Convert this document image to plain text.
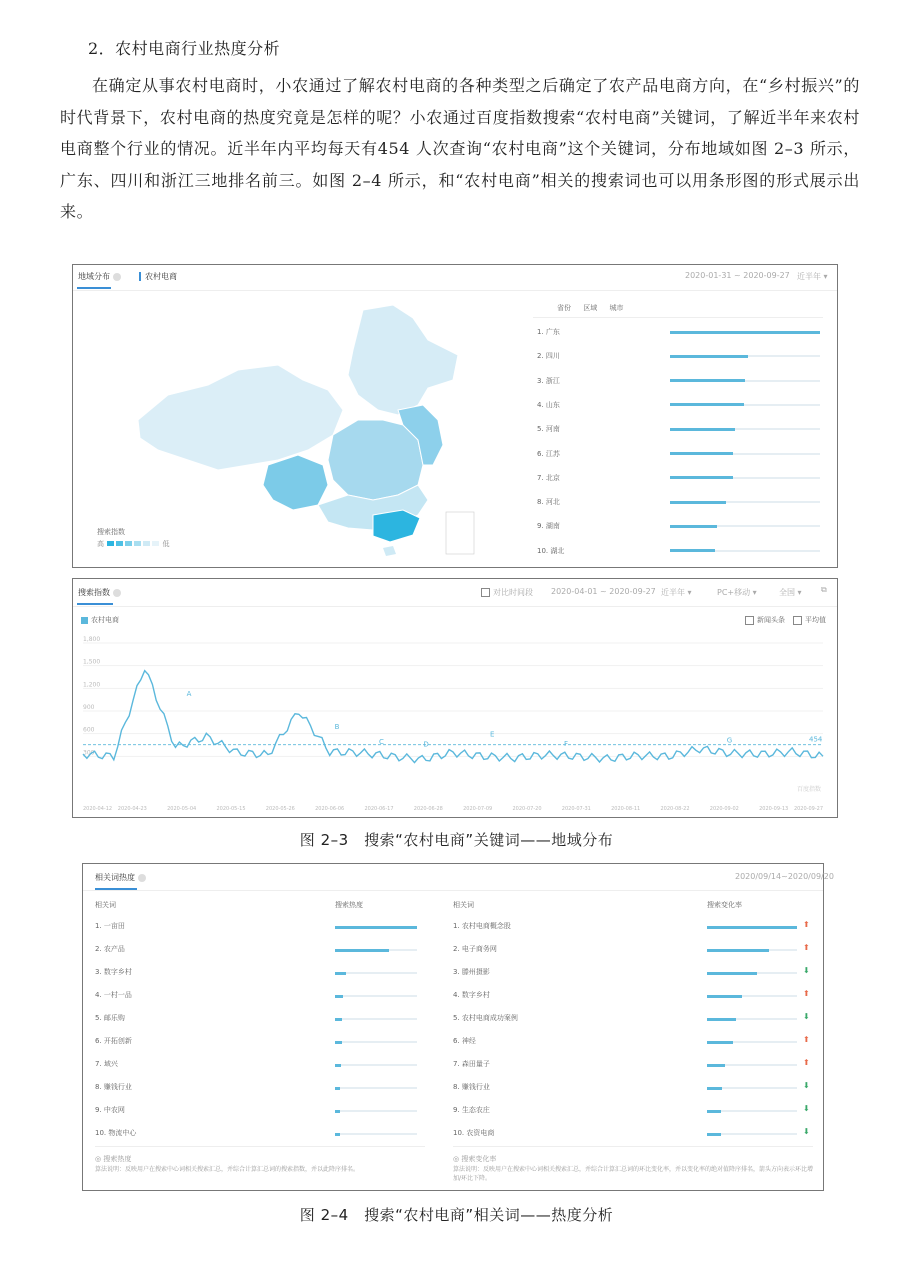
2．农村电商行业热度分析
在确定从事农村电商时，小农通过了解农村电商的各种类型之后确定了农产品电商方向，在“乡村振兴”的时代背景下，农村电商的热度究竟是怎样的呢？小农通过百度指数搜索“农村电商”关键词，了解近半年来农村电商整个行业的情况。近半年内平均每天有454 人次查询“农村电商”这个关键词，分布地域如图 2–3 所示，广东、四川和浙江三地排名前三。如图 2–4 所示，和“农村电商”相关的搜索词也可以用条形图的形式展示出来。
地域分布	农村电商	2020-01-31 ~ 2020-09-27 近半年 ▾
搜索指数
高	低
省份 区域 城市
1. 广东
2. 四川
3. 浙江
4. 山东
5. 河南
6. 江苏
7. 北京
8. 河北
9. 湖南
10. 湖北
搜索指数	对比时间段 2020-04-01 ~ 2020-09-27 近半年 ▾	PC+移动 ▾	全国 ▾ ⧉
农村电商	新闻头条	平均值
1,800
1,500
1,200
900
600
300
454
A
B
C	D
E
F	G
2020-04-12 2020-04-23	2020-05-04	2020-05-15	2020-05-26	2020-06-06	2020-06-17	2020-06-28	2020-07-09	2020-07-20	2020-07-31	2020-08-11	2020-08-22	2020-09-02	2020-09-13 2020-09-27
百度指数
图 2–3　搜索“农村电商”关键词——地域分布
相关词热度	2020/09/14~2020/09/20
相关词	搜索热度	相关词	搜索变化率
◎ 搜索热度
算法说明：反映用户在搜索中心词相关搜索汇总，并综合计算汇总词的搜索指数，并以此降序排名。
◎ 搜索变化率
算法说明：反映用户在搜索中心词相关搜索汇总，并综合计算汇总词的环比变化率，并以变化率的绝对值降序排名，箭头方向表示环比增加/环比下降。
1. 一亩田
2. 农产品
3. 数字乡村
4. 一村一品
5. 邮乐购
6. 开拓创新
7. 域兴
8. 赚钱行业
9. 中农网
10. 物流中心
1. 农村电商概念股	⬆
2. 电子商务网	⬆
3. 滕州摄影	⬇
4. 数字乡村	⬆
5. 农村电商成功案例	⬇
6. 神经	⬆
7. 森田量子	⬆
8. 赚钱行业	⬇
9. 生态农庄	⬇
10. 农资电商	⬇
图 2–4　搜索“农村电商”相关词——热度分析
